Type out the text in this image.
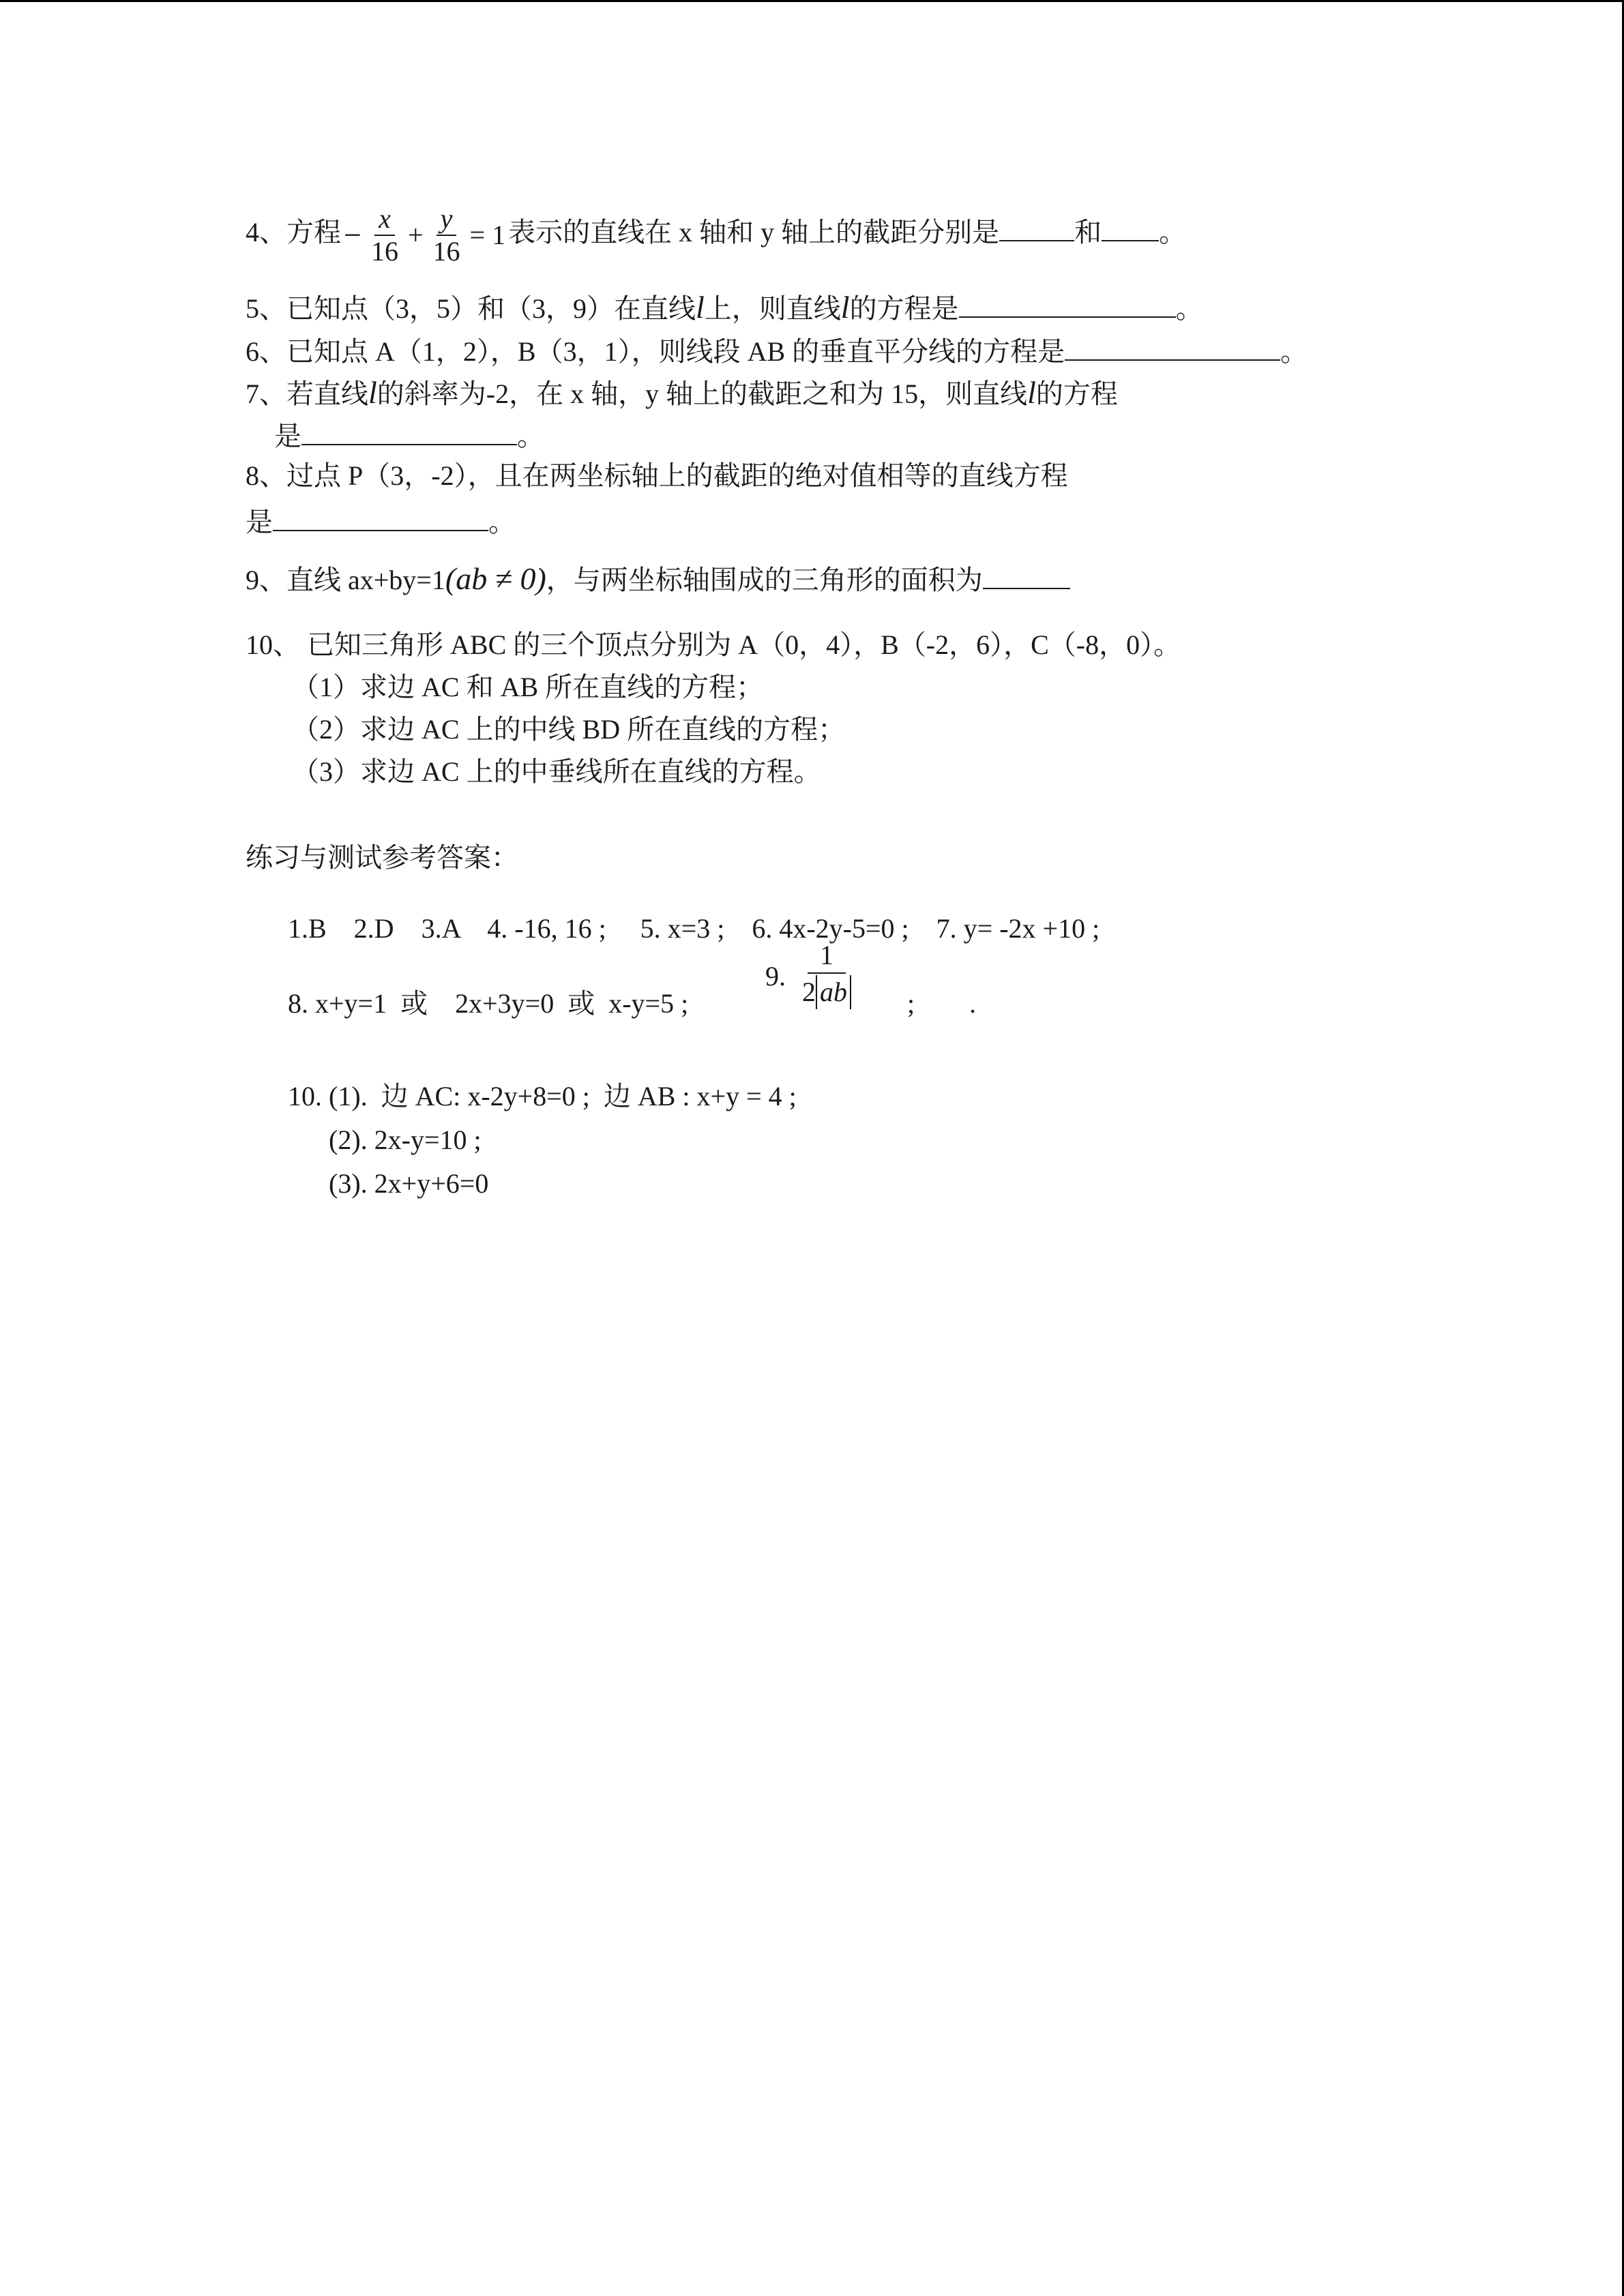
4、方程− $\frac{x}{16} + \frac{y}{16} = 1$ 表示的直线在 x 轴和 y 轴上的截距分别是	和 。
5、已知点（3，5）和（3，9）在直线l上，则直线l的方程是	。
6、已知点 A（1，2），B（3，1），则线段 AB 的垂直平分线的方程是	。
7、若直线l的斜率为-2，在 x 轴，y 轴上的截距之和为 15，则直线l的方程
是	。
8、过点 P（3，-2），且在两坐标轴上的截距的绝对值相等的直线方程
是	。
9、直线 ax+by=1(ab ≠ 0)，与两坐标轴围成的三角形的面积为
10、 已知三角形 ABC 的三个顶点分别为 A（0，4），B（-2，6），C（-8，0）。
（1）求边 AC 和 AB 所在直线的方程；
（2）求边 AC 上的中线 BD 所在直线的方程；
（3）求边 AC 上的中垂线所在直线的方程。
练习与测试参考答案：

1.B    2.D    3.A    4. -16, 16 ;     5. x=3 ;    6. 4x-2y-5=0 ;    7. y= -2x +10 ;

8. x+y=1  或    2x+3y=0  或  x-y=5 ;

9. $\frac{1}{2 ab}$	;        .

10. (1).  边 AC: x-2y+8=0 ;  边 AB : x+y = 4 ;

(2). 2x-y=10 ;

(3). 2x+y+6=0
